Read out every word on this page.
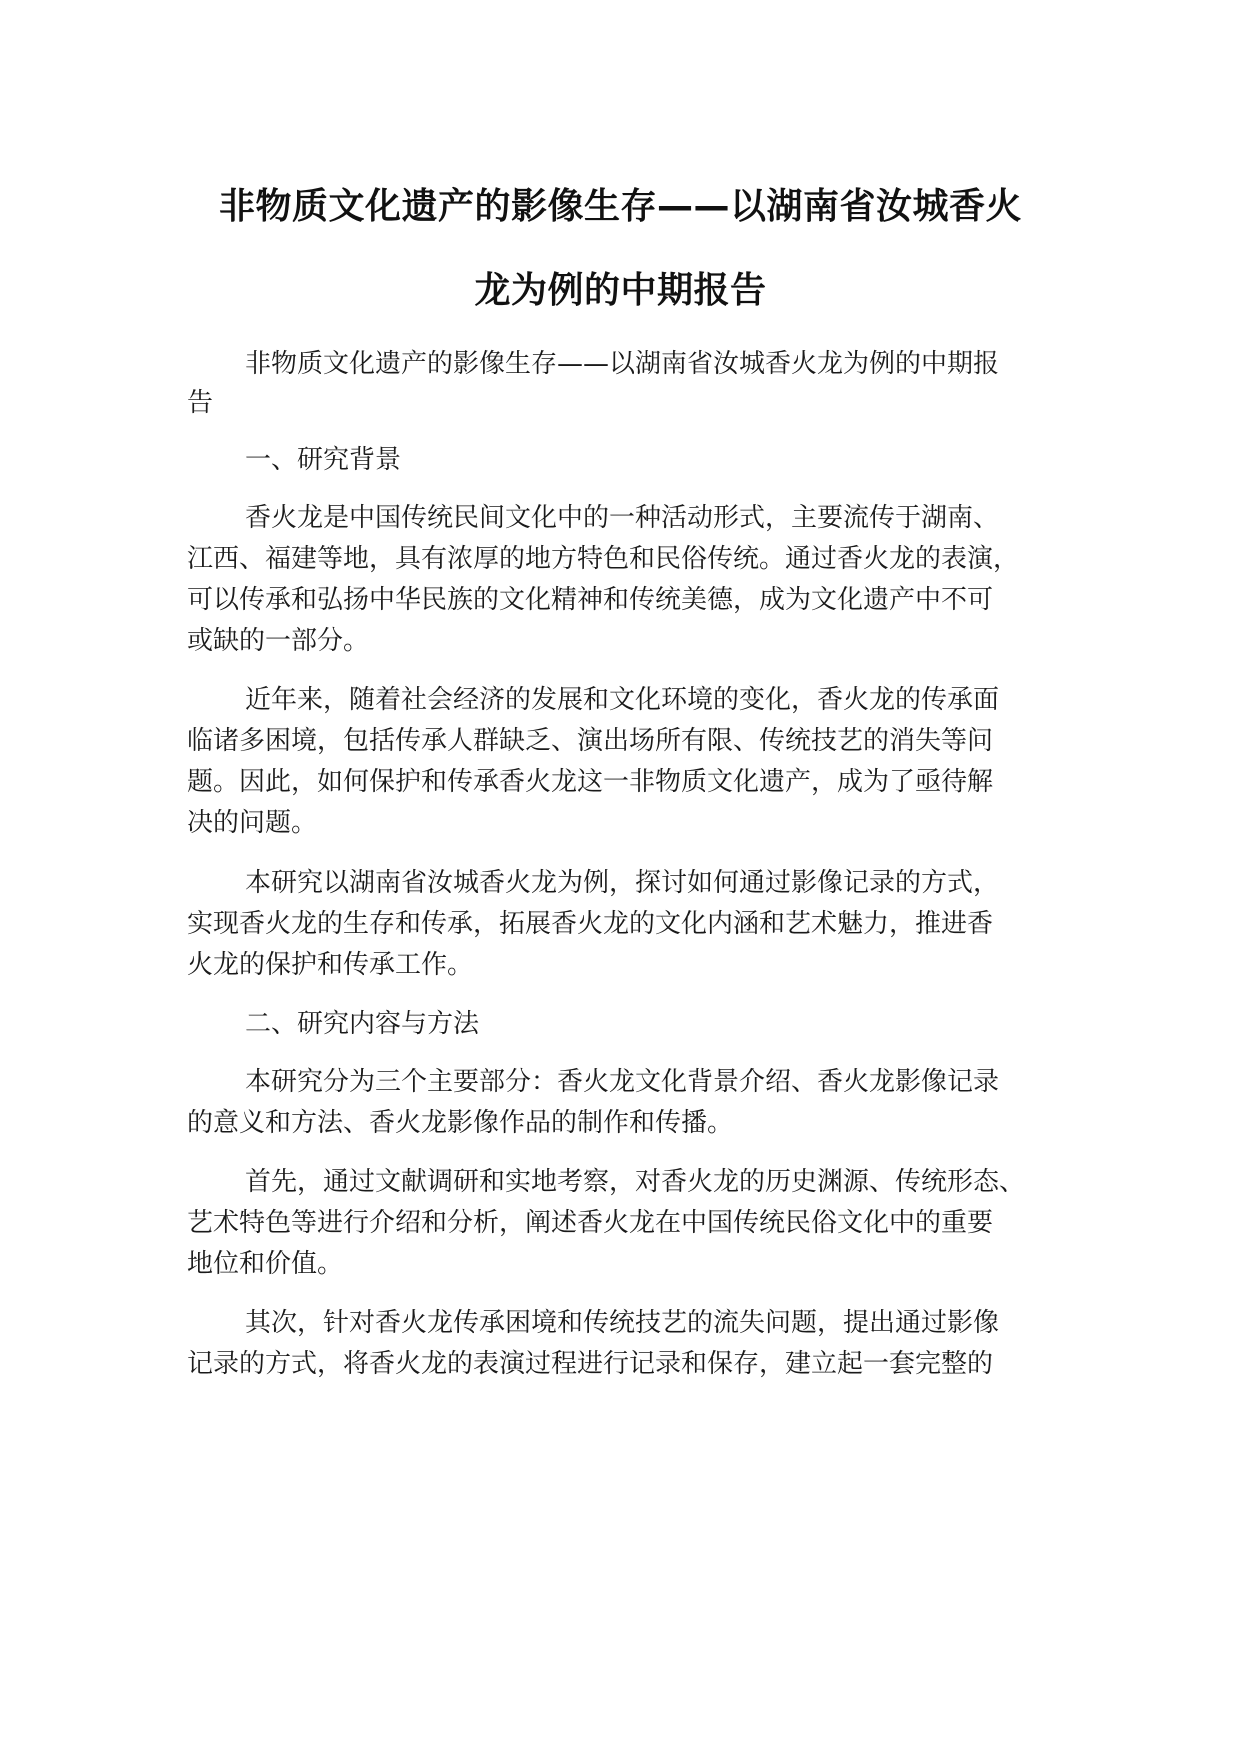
非物质文化遗产的影像生存——以湖南省汝城香火
龙为例的中期报告
非物质文化遗产的影像生存——以湖南省汝城香火龙为例的中期报
告
一、研究背景
香火龙是中国传统民间文化中的一种活动形式，主要流传于湖南、
江西、福建等地，具有浓厚的地方特色和民俗传统。通过香火龙的表演，
可以传承和弘扬中华民族的文化精神和传统美德，成为文化遗产中不可
或缺的一部分。
近年来，随着社会经济的发展和文化环境的变化，香火龙的传承面
临诸多困境，包括传承人群缺乏、演出场所有限、传统技艺的消失等问
题。因此，如何保护和传承香火龙这一非物质文化遗产，成为了亟待解
决的问题。
本研究以湖南省汝城香火龙为例，探讨如何通过影像记录的方式，
实现香火龙的生存和传承，拓展香火龙的文化内涵和艺术魅力，推进香
火龙的保护和传承工作。
二、研究内容与方法
本研究分为三个主要部分：香火龙文化背景介绍、香火龙影像记录
的意义和方法、香火龙影像作品的制作和传播。
首先，通过文献调研和实地考察，对香火龙的历史渊源、传统形态、
艺术特色等进行介绍和分析，阐述香火龙在中国传统民俗文化中的重要
地位和价值。
其次，针对香火龙传承困境和传统技艺的流失问题，提出通过影像
记录的方式，将香火龙的表演过程进行记录和保存，建立起一套完整的
